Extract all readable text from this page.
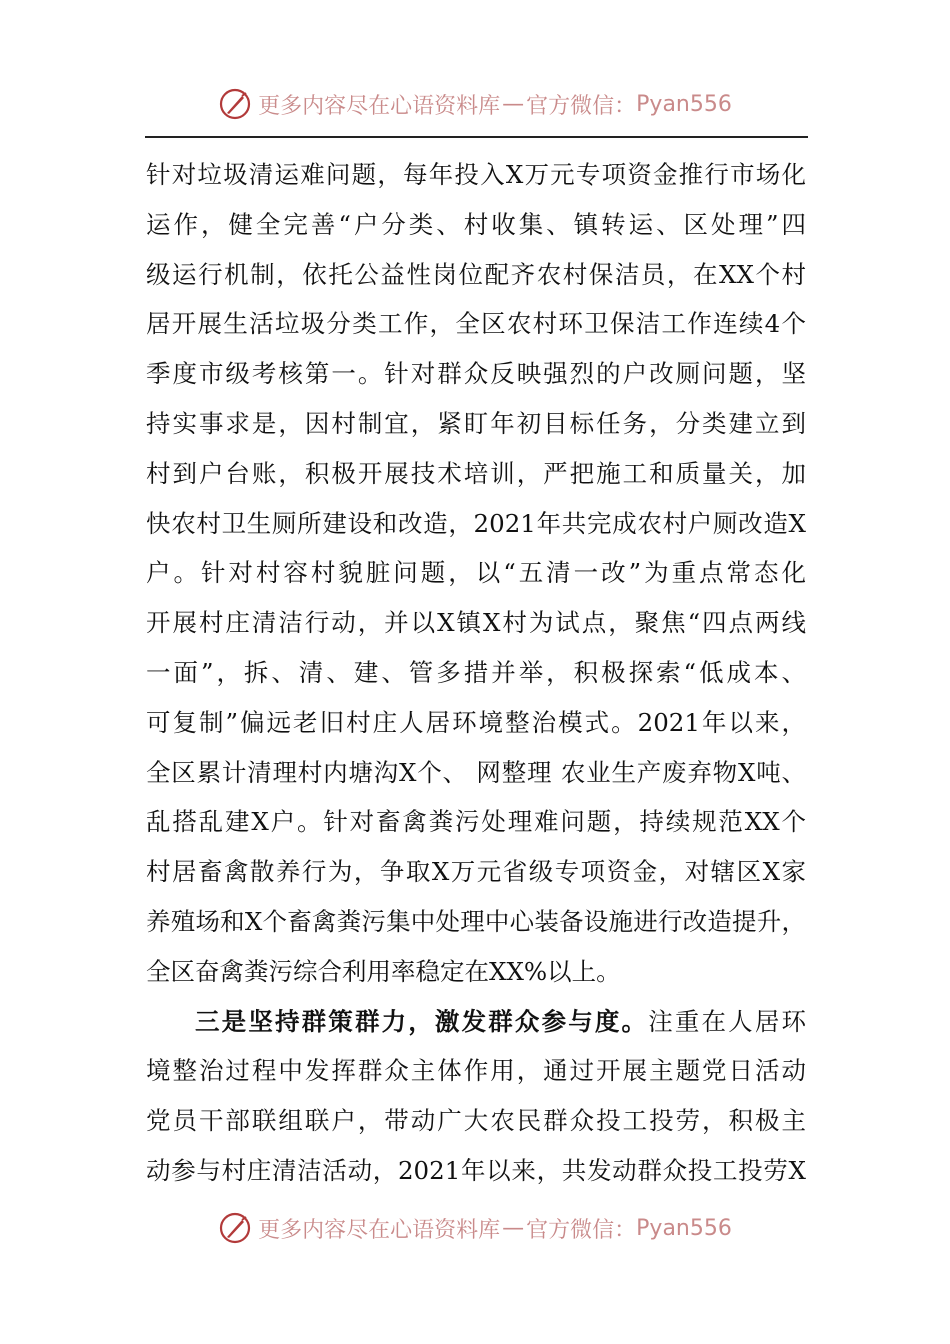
更多内容尽在心语资料库 — 官方微信： Pyan556
针对垃圾清运难问题，每年投入X万元专项资金推行市场化
运作，健全完善“户分类、村收集、镇转运、区处理”四
级运行机制，依托公益性岗位配齐农村保洁员，在XX个村
居开展生活垃圾分类工作，全区农村环卫保洁工作连续4个
季度市级考核第一。针对群众反映强烈的户改厕问题，坚
持实事求是，因村制宜，紧盯年初目标任务，分类建立到
村到户台账，积极开展技术培训，严把施工和质量关，加
快农村卫生厕所建设和改造，2021年共完成农村户厕改造X
户。针对村容村貌脏问题，以“五清一改”为重点常态化
开展村庄清洁行动，并以X镇X村为试点，聚焦“四点两线
一面”，拆、清、建、管多措并举，积极探索“低成本、
可复制”偏远老旧村庄人居环境整治模式。2021年以来，
全区累计清理村内塘沟X个、 网整理 农业生产废弃物X吨、
乱搭乱建X户。针对畜禽粪污处理难问题，持续规范XX个
村居畜禽散养行为，争取X万元省级专项资金，对辖区X家
养殖场和X个畜禽粪污集中处理中心装备设施进行改造提升，
全区奋禽粪污综合利用率稳定在XX%以上。
三是坚持群策群力，激发群众参与度。注重在人居环
境整治过程中发挥群众主体作用，通过开展主题党日活动
党员干部联组联户，带动广大农民群众投工投劳，积极主
动参与村庄清洁活动，2021年以来，共发动群众投工投劳X
更多内容尽在心语资料库 — 官方微信： Pyan556
